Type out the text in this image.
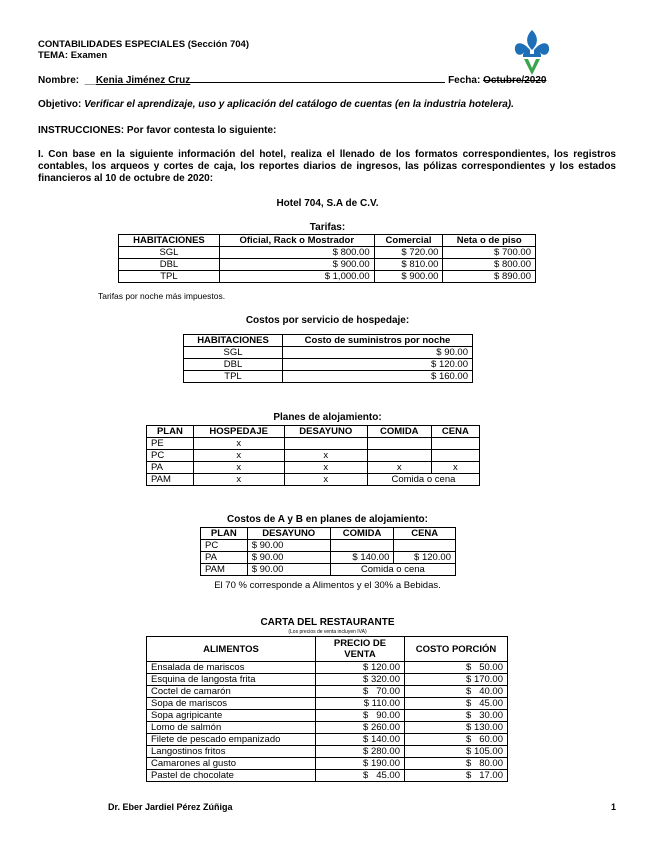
CONTABILIDADES ESPECIALES (Sección 704)
TEMA: Examen
Nombre:  __Kenia Jiménez Cruz	Fecha: Octubre/2020
Objetivo: Verificar el aprendizaje, uso y aplicación del catálogo de cuentas (en la industria hotelera).
INSTRUCCIONES: Por favor contesta lo siguiente:
I. Con base en la siguiente información del hotel, realiza el llenado de los formatos correspondientes, los registros contables, los arqueos y cortes de caja, los reportes diarios de ingresos, las pólizas correspondientes y los estados financieros al 10 de octubre de 2020:
Hotel 704, S.A de C.V.
Tarifas:
HABITACIONES	Oficial, Rack o Mostrador	Comercial	Neta o de piso
SGL	$ 800.00	$ 720.00	$ 700.00
DBL	$ 900.00	$ 810.00	$ 800.00
TPL	$ 1,000.00	$ 900.00	$ 890.00
Tarifas por noche más impuestos.
Costos por servicio de hospedaje:
HABITACIONES	Costo de suministros por noche
SGL	$ 90.00
DBL	$ 120.00
TPL	$ 160.00
Planes de alojamiento:
PLAN	HOSPEDAJE	DESAYUNO	COMIDA	CENA
PE	x			
PC	x	x		
PA	x	x	x	x
PAM	x	x	Comida o cena	
Costos de A y B en planes de alojamiento:
PLAN	DESAYUNO	COMIDA	CENA
PC	$ 90.00		
PA	$ 90.00	$ 140.00	$ 120.00
PAM	$ 90.00	Comida o cena	
El 70 % corresponde a Alimentos y el 30% a Bebidas.
CARTA DEL RESTAURANTE
(Los precios de venta incluyen IVA)
ALIMENTOS	PRECIO DE VENTA	COSTO PORCIÓN
Ensalada de mariscos	$ 120.00	$   50.00
Esquina de langosta frita	$ 320.00	$ 170.00
Coctel de camarón	$   70.00	$   40.00
Sopa de mariscos	$ 110.00	$   45.00
Sopa agripicante	$   90.00	$   30.00
Lomo de salmón	$ 260.00	$ 130.00
Filete de pescado empanizado	$ 140.00	$   60.00
Langostinos fritos	$ 280.00	$ 105.00
Camarones al gusto	$ 190.00	$   80.00
Pastel de chocolate	$   45.00	$   17.00
Dr. Eber Jardiel Pérez Zúñiga	1
